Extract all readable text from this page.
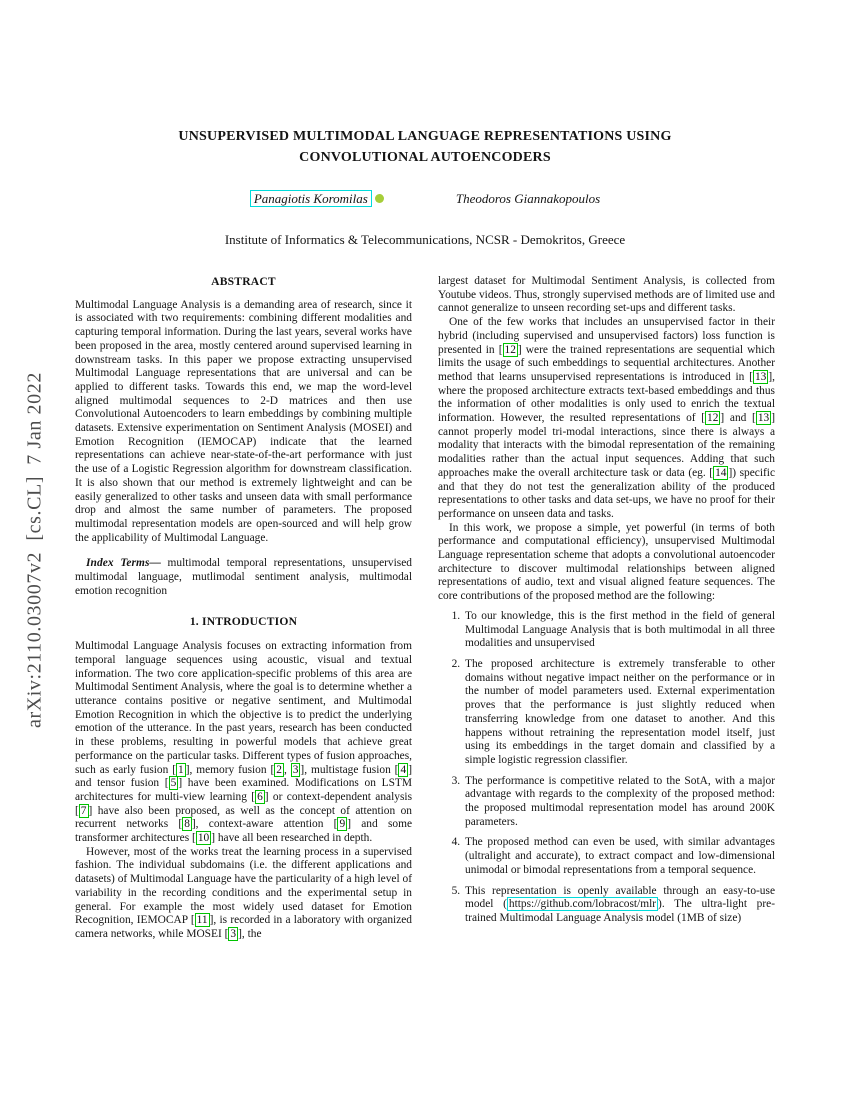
arXiv:2110.03007v2  [cs.CL]  7 Jan 2022
UNSUPERVISED MULTIMODAL LANGUAGE REPRESENTATIONS USING
CONVOLUTIONAL AUTOENCODERS
Panagiotis Koromilas	Theodoros Giannakopoulos
Institute of Informatics & Telecommunications, NCSR - Demokritos, Greece
ABSTRACT

Multimodal Language Analysis is a demanding area of research, since it is associated with two requirements: combining different modalities and capturing temporal information. During the last years, several works have been proposed in the area, mostly centered around supervised learning in downstream tasks. In this paper we propose extracting unsupervised Multimodal Language representations that are universal and can be applied to different tasks. Towards this end, we map the word-level aligned multimodal sequences to 2-D matrices and then use Convolutional Autoencoders to learn embeddings by combining multiple datasets. Extensive experimentation on Sentiment Analysis (MOSEI) and Emotion Recognition (IEMOCAP) indicate that the learned representations can achieve near-state-of-the-art performance with just the use of a Logistic Regression algorithm for downstream classification. It is also shown that our method is extremely lightweight and can be easily generalized to other tasks and unseen data with small performance drop and almost the same number of parameters. The proposed multimodal representation models are open-sourced and will help grow the applicability of Multimodal Language.

Index Terms— multimodal temporal representations, unsupervised multimodal language, mutlimodal sentiment analysis, multimodal emotion recognition

1. INTRODUCTION

Multimodal Language Analysis focuses on extracting information from temporal language sequences using acoustic, visual and textual information. The two core application-specific problems of this area are Multimodal Sentiment Analysis, where the goal is to determine whether a utterance contains positive or negative sentiment, and Multimodal Emotion Recognition in which the objective is to predict the underlying emotion of the utterance. In the past years, research has been conducted in these problems, resulting in powerful models that achieve great performance on the particular tasks. Different types of fusion approaches, such as early fusion [ 1 ], memory fusion [ 2 , 3 ], multistage fusion [ 4 ] and tensor fusion [ 5 ] have been examined. Modifications on LSTM architectures for multi-view learning [ 6 ] or context-dependent analysis [ 7 ] have also been proposed, as well as the concept of attention on recurrent networks [ 8 ], context-aware attention [ 9 ] and some transformer architectures [ 10 ] have all been researched in depth.

However, most of the works treat the learning process in a supervised fashion. The individual subdomains (i.e. the different applications and datasets) of Multimodal Language have the particularity of a high level of variability in the recording conditions and the experimental setup in general. For example the most widely used dataset for Emotion Recognition, IEMOCAP [ 11 ], is recorded in a laboratory with organized camera networks, while MOSEI [ 3 ], the

largest dataset for Multimodal Sentiment Analysis, is collected from Youtube videos. Thus, strongly supervised methods are of limited use and cannot generalize to unseen recording set-ups and different tasks.

One of the few works that includes an unsupervised factor in their hybrid (including supervised and unsupervised factors) loss function is presented in [ 12 ] were the trained representations are sequential which limits the usage of such embeddings to sequential architectures. Another method that learns unsupervised representations is introduced in [ 13 ], where the proposed architecture extracts text-based embeddings and thus the information of other modalities is only used to enrich the textual information. However, the resulted representations of [ 12 ] and [ 13 ] cannot properly model tri-modal interactions, since there is always a modality that interacts with the bimodal representation of the remaining modalities rather than the actual input sequences. Adding that such approaches make the overall architecture task or data (eg. [ 14 ]) specific and that they do not test the generalization ability of the produced representations to other tasks and data set-ups, we have no proof for their performance on unseen data and tasks.

In this work, we propose a simple, yet powerful (in terms of both performance and computational efficiency), unsupervised Multimodal Language representation scheme that adopts a convolutional autoencoder architecture to discover multimodal relationships between aligned representations of audio, text and visual aligned feature sequences. The core contributions of the proposed method are the following:

1. To our knowledge, this is the first method in the field of general Multimodal Language Analysis that is both multimodal in all three modalities and unsupervised
2. The proposed architecture is extremely transferable to other domains without negative impact neither on the performance or in the number of model parameters used. External experimentation proves that the performance is just slightly reduced when transferring knowledge from one dataset to another. And this happens without retraining the representation model itself, just using its embeddings in the target domain and classified by a simple logistic regression classifier.
3. The performance is competitive related to the SotA, with a major advantage with regards to the complexity of the proposed method: the proposed multimodal representation model has around 200K parameters.
4. The proposed method can even be used, with similar advantages (ultralight and accurate), to extract compact and low-dimensional unimodal or bimodal representations from a temporal sequence.
5. This representation is openly available through an easy-to-use model ( https://github.com/lobracost/mlr ). The ultra-light pre-trained Multimodal Language Analysis model (1MB of size)
